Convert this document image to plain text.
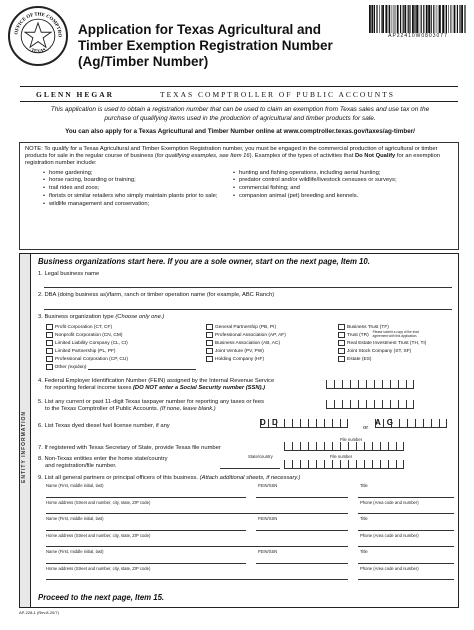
OFFICE OF THE COMPTRO
TEXAS
Application for Texas Agricultural and Timber Exemption Registration Number (Ag/Timber Number)
AP22410W0803077
GLENN HEGAR	TEXAS COMPTROLLER OF PUBLIC ACCOUNTS
This application is used to obtain a registration number that can be used to claim an exemption from Texas sales and use tax on the purchase of qualifying items used in the production of agricultural and timber products for sale.
You can also apply for a Texas Agricultural and Timber Number online at www.comptroller.texas.gov/taxes/ag-timber/
NOTE: To qualify for a Texas Agricultural and Timber Exemption Registration number, you must be engaged in the commercial production of agricultural or timber products for sale in the regular course of business (for qualifying examples, see Item 16). Examples of the types of activities that Do Not Qualify for an exemption registration number include:
• home gardening;
• horse racing, boarding or training;
• trail rides and zoos;
• florists or similar retailers who simply maintain plants prior to sale;
• wildlife management and conservation;
• hunting and fishing operations, including aerial hunting;
• predator control and/or wildlife/livestock censuses or surveys;
• commercial fishing; and
• companion animal (pet) breeding and kennels.
ENTITY INFORMATION
Business organizations start here. If you are a sole owner, start on the next page, Item 10.
1. Legal business name
2. DBA (doing business as)/farm, ranch or timber operation name (for example, ABC Ranch)
3. Business organization type (Choose only one.)
Profit Corporation (CT, CF)
Nonprofit Corporation (CN, CM)
Limited Liability Company (CL, CI)
Limited Partnership (PL, PF)
Professional Corporation (CP, CU)
Other
(explain)
General Partnership (PB, PI)
Professional Association (AP, AF)
Business Association (AB, AC)
Joint Venture (PV, PW)
Holding Company (HF)
Business Trust (TF)
Trust (TR)
Please submit a copy of the trust agreement with this application.
Real Estate Investment Trust (TH, TI)
Joint Stock Company (ST, SF)
Estate (ES)
4. Federal Employer Identification Number (FEIN) assigned by the Internal Revenue Service
for reporting federal income taxes (DO NOT enter a Social Security number (SSN).)
5. List any current or past 11-digit Texas taxpayer number for reporting any taxes or fees
to the Texas Comptroller of Public Accounts. (If none, leave blank.)
6. List Texas dyed diesel fuel license number, if any	D D
or
A G
File number
7. If registered with Texas Secretary of State, provide Texas file number
8. Non-Texas entities enter the home state/country
and registration/file number.
State/country	File number
9. List all general partners or principal officers of this business. (Attach additional sheets, if necessary.)
Name (First, middle initial, last)	FEIN/SSN	Title
Home address (Street and number, city, state, ZIP code)	Phone (Area code and number)
Name (First, middle initial, last)	FEIN/SSN	Title
Home address (Street and number, city, state, ZIP code)	Phone (Area code and number)
Name (First, middle initial, last)	FEIN/SSN	Title
Home address (Street and number, city, state, ZIP code)	Phone (Area code and number)
Proceed to the next page, Item 15.
AP-228-1 (Rev.8-20/7)
